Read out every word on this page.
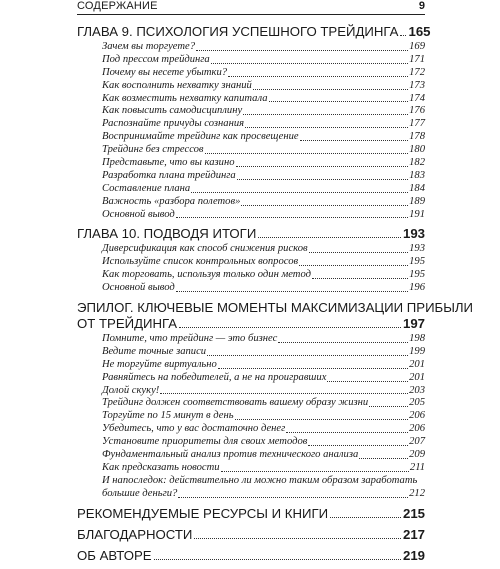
СОДЕРЖАНИЕ	9
ГЛАВА 9. ПСИХОЛОГИЯ УСПЕШНОГО ТРЕЙДИНГА 165
Зачем вы торгуете?	169
Под прессом трейдинга	171
Почему вы несете убытки?	172
Как восполнить нехватку знаний	173
Как возместить нехватку капитала	174
Как повысить самодисциплину	176
Распознайте причуды сознания	177
Воспринимайте трейдинг как просвещение	178
Трейдинг без стрессов	180
Представьте, что вы казино	182
Разработка плана трейдинга	183
Составление плана	184
Важность «разбора полетов»	189
Основной вывод	191
ГЛАВА 10. ПОДВОДЯ ИТОГИ	193
Диверсификация как способ снижения рисков	193
Используйте список контрольных вопросов	195
Как торговать, используя только один метод	195
Основной вывод	196
ЭПИЛОГ. КЛЮЧЕВЫЕ МОМЕНТЫ МАКСИМИЗАЦИИ ПРИБЫЛИ
ОТ ТРЕЙДИНГА	197
Помните, что трейдинг — это бизнес	198
Ведите точные записи	199
Не торгуйте виртуально	201
Равняйтесь на победителей, а не на проигравших	201
Долой скуку!	203
Трейдинг должен соответствовать вашему образу жизни	205
Торгуйте по 15 минут в день	206
Убедитесь, что у вас достаточно денег	206
Установите приоритеты для своих методов	207
Фундаментальный анализ против технического анализа	209
Как предсказать новости	211
И напоследок: действительно ли можно таким образом заработать
большие деньги?	212
РЕКОМЕНДУЕМЫЕ РЕСУРСЫ И КНИГИ	215
БЛАГОДАРНОСТИ	217
ОБ АВТОРЕ	219
